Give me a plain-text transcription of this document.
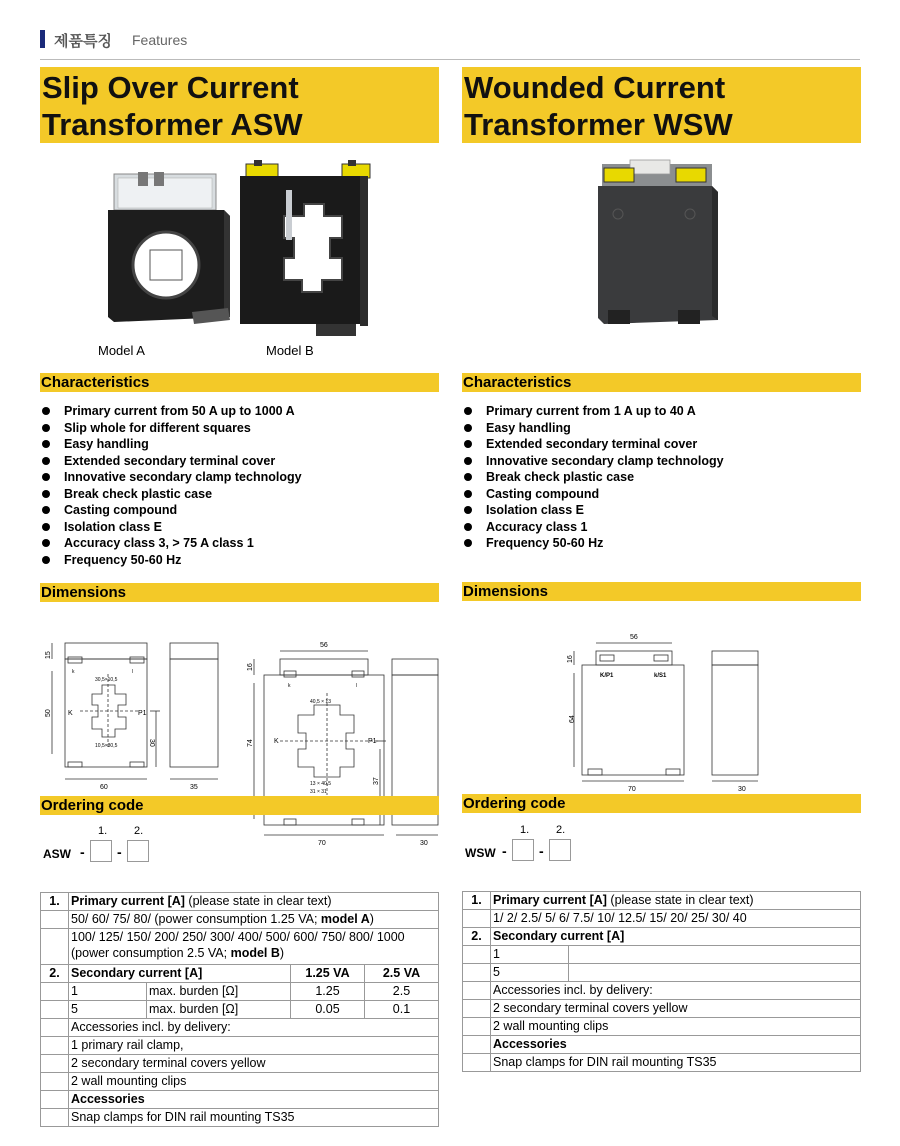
제품특징 Features
Slip Over Current
Transformer ASW
Model A	Model B
Characteristics
Primary current from 50 A up to 1000 A
Slip whole for different squares
Easy handling
Extended secondary terminal cover
Innovative secondary clamp technology
Break check plastic case
Casting compound
Isolation class E
Accuracy class 3, > 75 A class 1
Frequency 50-60 Hz
Dimensions
15
50
30
60	35
30,5×10,5
10,5×30,5
K	P1
k	l
56
16
74
37
70	30
40,5 × 13
13 × 40,5
31 × 31
K	P1
k	l
Ordering code
1. 2.
ASW - -
1.	Primary current [A] (please state in clear text)			
	50/ 60/ 75/ 80/ (power consumption 1.25 VA; model A)			
	100/ 125/ 150/ 200/ 250/ 300/ 400/ 500/ 600/ 750/ 800/ 1000
(power consumption 2.5 VA; model B)			
2.	Secondary current [A]		1.25 VA	2.5 VA
	1	max. burden [Ω]	1.25	2.5
	5	max. burden [Ω]	0.05	0.1
	Accessories incl. by delivery:			
	1 primary rail clamp,			
	2 secondary terminal covers yellow			
	2 wall mounting clips			
	Accessories			
	Snap clamps for DIN rail mounting TS35			
Wounded Current
Transformer WSW
Characteristics
Primary current from 1 A up to 40 A
Easy handling
Extended secondary terminal cover
Innovative secondary clamp technology
Break check plastic case
Casting compound
Isolation class E
Accuracy class 1
Frequency 50-60 Hz
Dimensions
56
16
64
70	30
K/P1	k/S1
Ordering code
1. 2.
WSW - -
1.	Primary current [A] (please state in clear text)	
	1/ 2/ 2.5/ 5/ 6/ 7.5/ 10/ 12.5/ 15/ 20/ 25/ 30/ 40	
2.	Secondary current [A]	
	1	
	5	
	Accessories incl. by delivery:	
	2 secondary terminal covers yellow	
	2 wall mounting clips	
	Accessories	
	Snap clamps for DIN rail mounting TS35	
